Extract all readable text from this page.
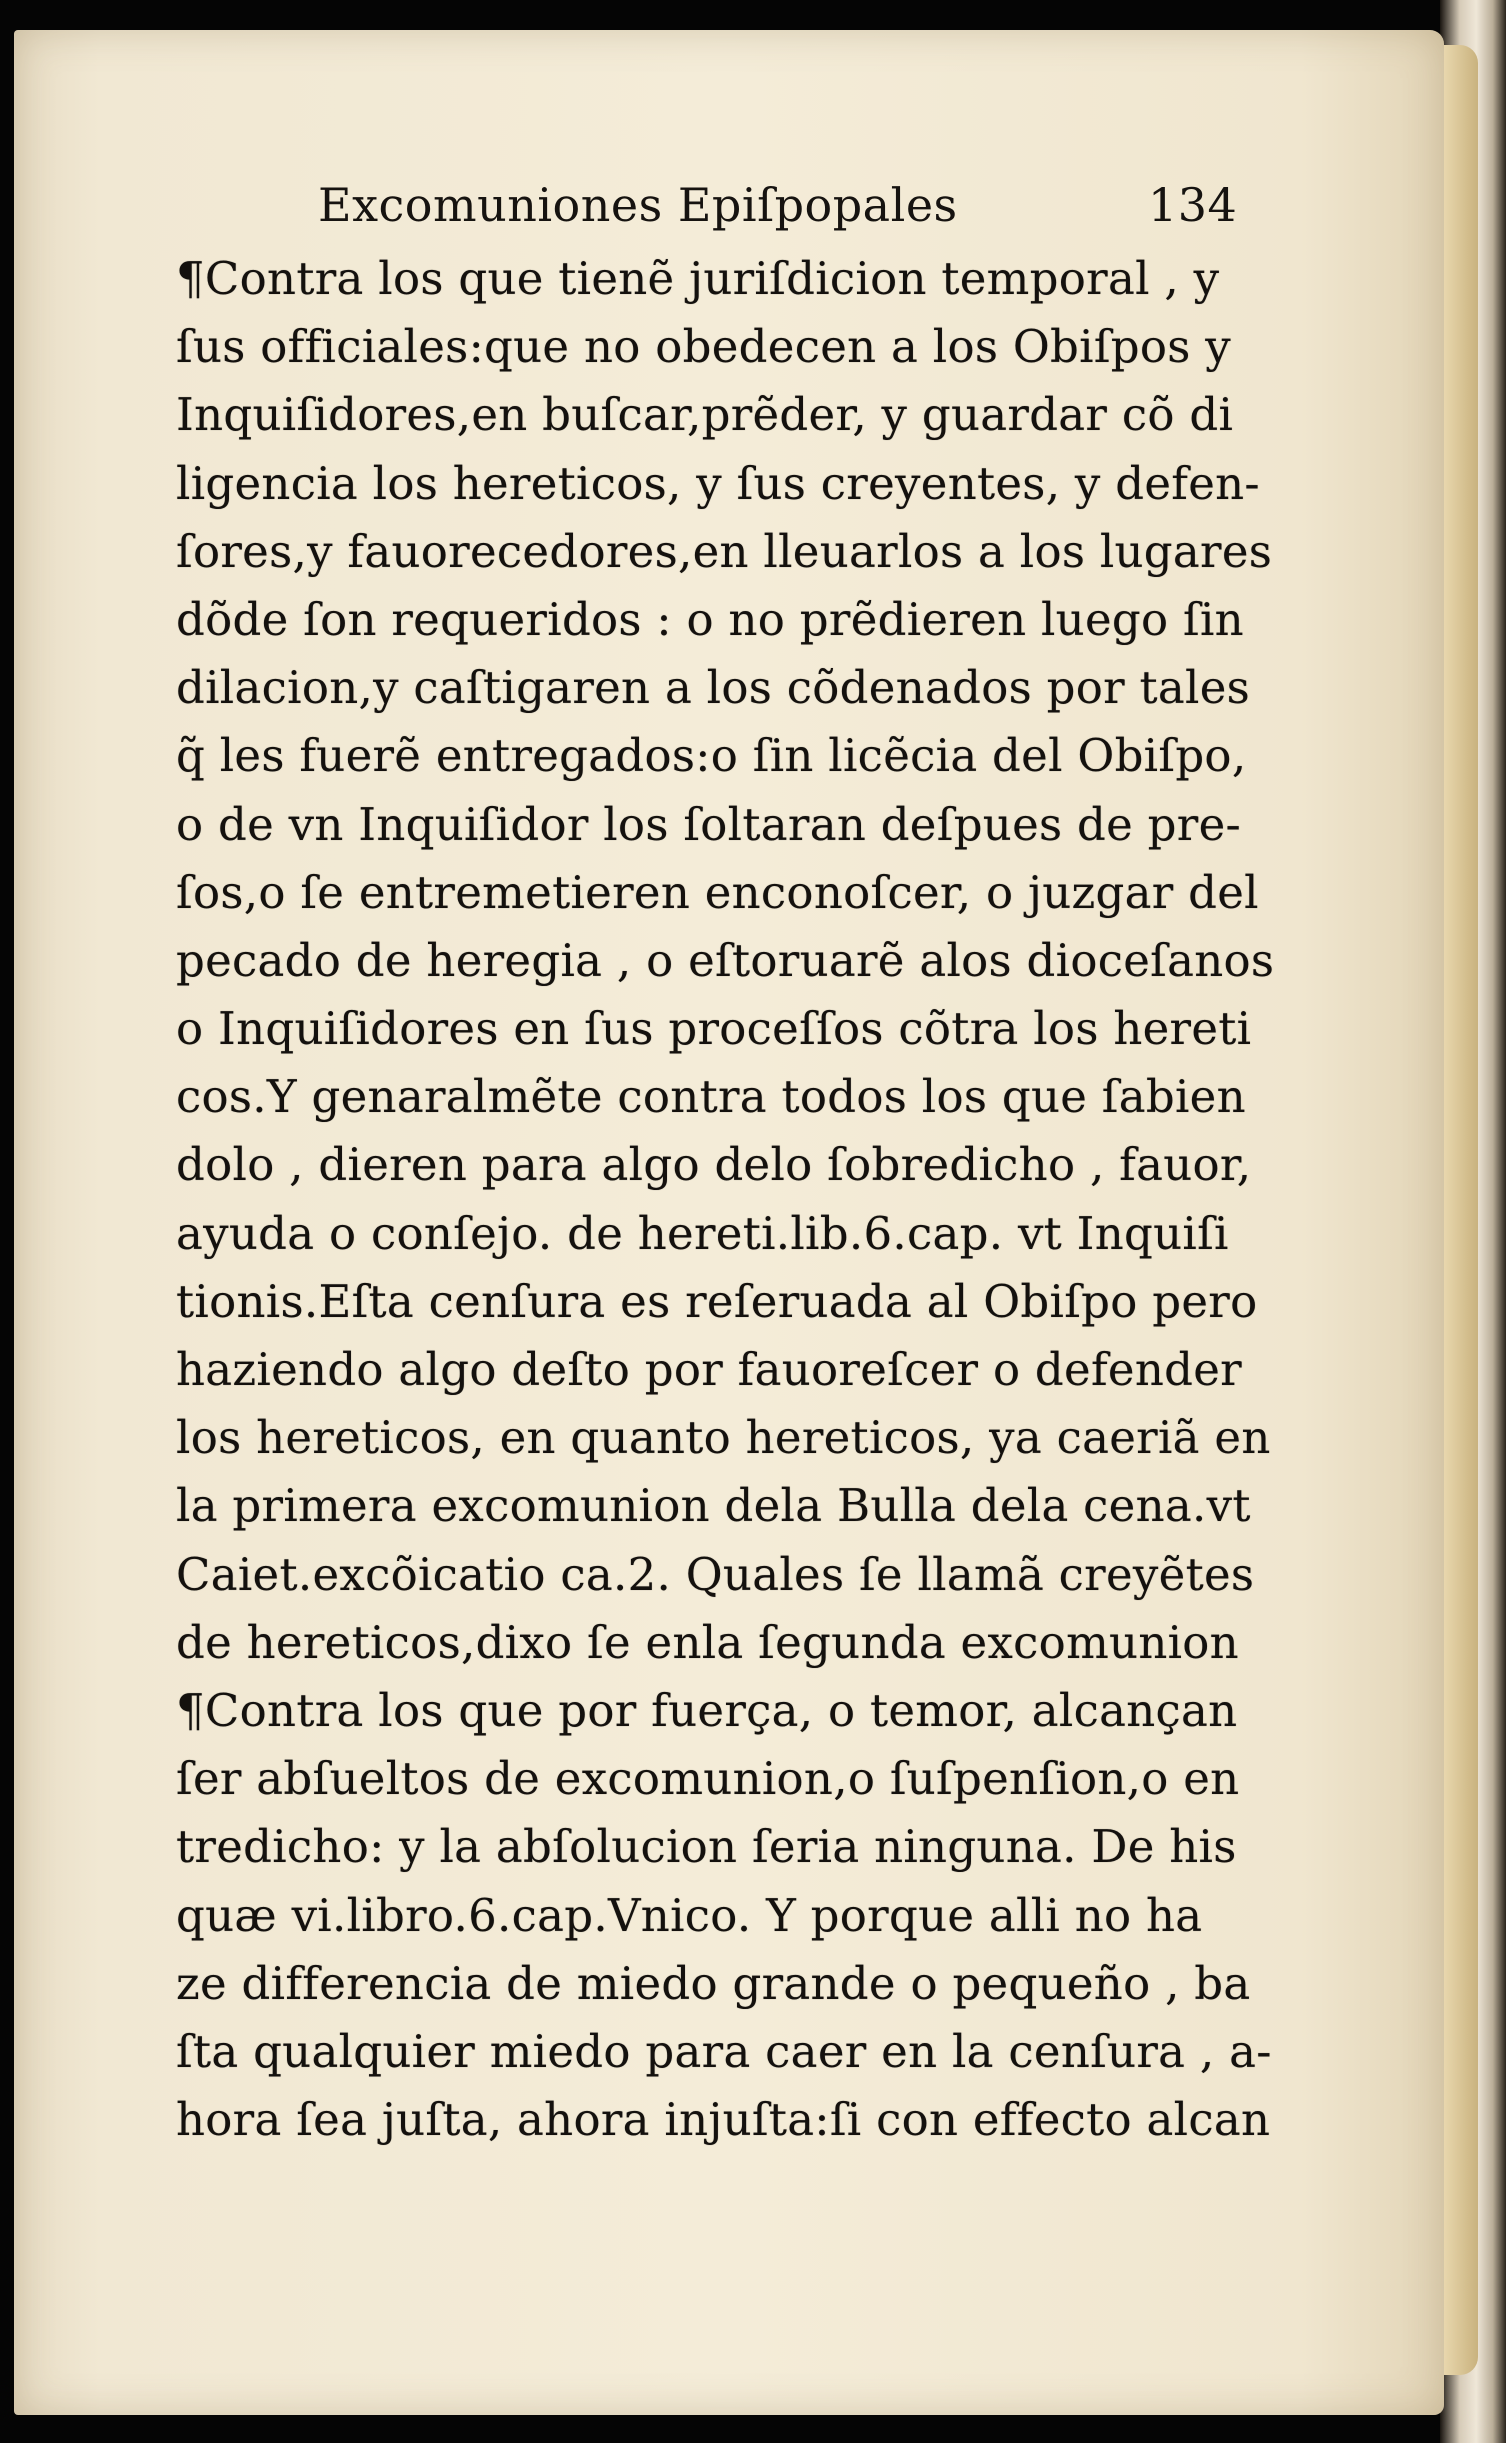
Excomuniones Epiſpopales	134
¶Contra los que tienẽ juriſdicion temporal , y
ſus officiales:que no obedecen a los Obiſpos y
Inquiſidores,en buſcar,prẽder, y guardar cõ di
ligencia los hereticos, y ſus creyentes, y defen-
ſores,y fauorecedores,en lleuarlos a los lugares
dõde ſon requeridos : o no prẽdieren luego ſin
dilacion,y caſtigaren a los cõdenados por tales
q̃ les fuerẽ entregados:o ſin licẽcia del Obiſpo,
o de vn Inquiſidor los ſoltaran deſpues de pre-
ſos,o ſe entremetieren enconoſcer, o juzgar del
pecado de heregia , o eſtoruarẽ alos dioceſanos
o Inquiſidores en ſus proceſſos cõtra los hereti
cos.Y genaralmẽte contra todos los que ſabien
dolo , dieren para algo delo ſobredicho , fauor,
ayuda o conſejo. de hereti.lib.6.cap. vt Inquiſi
tionis.Eſta cenſura es reſeruada al Obiſpo pero
haziendo algo deſto por fauoreſcer o defender
los hereticos, en quanto hereticos, ya caeriã en
la primera excomunion dela Bulla dela cena.vt
Caiet.excõicatio ca.2. Quales ſe llamã creyẽtes
de hereticos,dixo ſe enla ſegunda excomunion
¶Contra los que por fuerça, o temor, alcançan
ſer abſueltos de excomunion,o ſuſpenſion,o en
tredicho: y la abſolucion ſeria ninguna. De his
quæ vi.libro.6.cap.Vnico. Y porque alli no ha
ze differencia de miedo grande o pequeño , ba
ſta qualquier miedo para caer en la cenſura , a-
hora ſea juſta, ahora injuſta:ſi con effecto alcan
